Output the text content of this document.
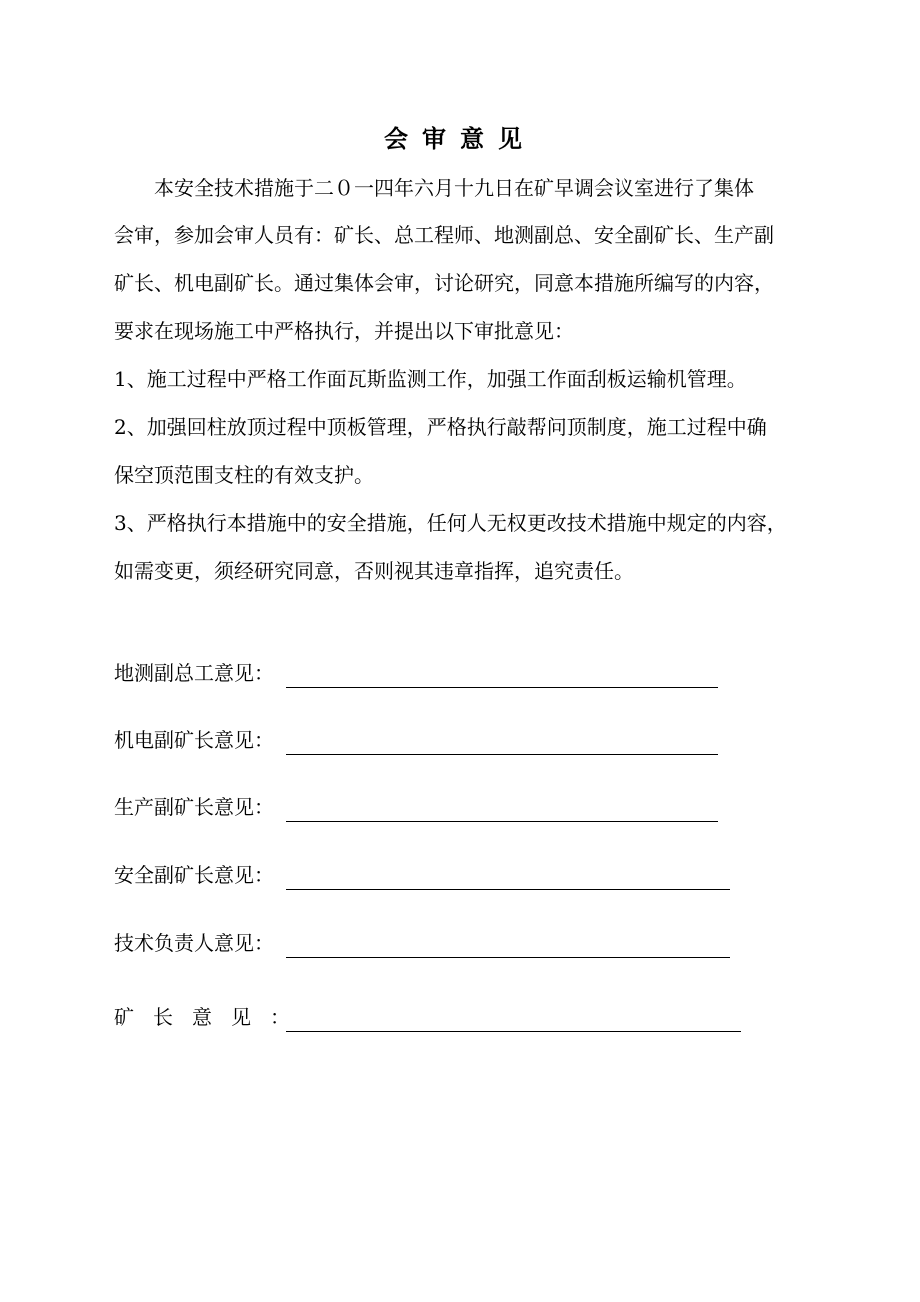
会审意见
　　本安全技术措施于二０一四年六月十九日在矿早调会议室进行了集体
会审，参加会审人员有：矿长、总工程师、地测副总、安全副矿长、生产副
矿长、机电副矿长。通过集体会审，讨论研究，同意本措施所编写的内容，
要求在现场施工中严格执行，并提出以下审批意见：
1、施工过程中严格工作面瓦斯监测工作，加强工作面刮板运输机管理。
2、加强回柱放顶过程中顶板管理，严格执行敲帮问顶制度，施工过程中确
保空顶范围支柱的有效支护。
3、严格执行本措施中的安全措施，任何人无权更改技术措施中规定的内容，
如需变更，须经研究同意，否则视其违章指挥，追究责任。
地测副总工意见：
机电副矿长意见：
生产副矿长意见：
安全副矿长意见：
技术负责人意见：
矿长意见：
